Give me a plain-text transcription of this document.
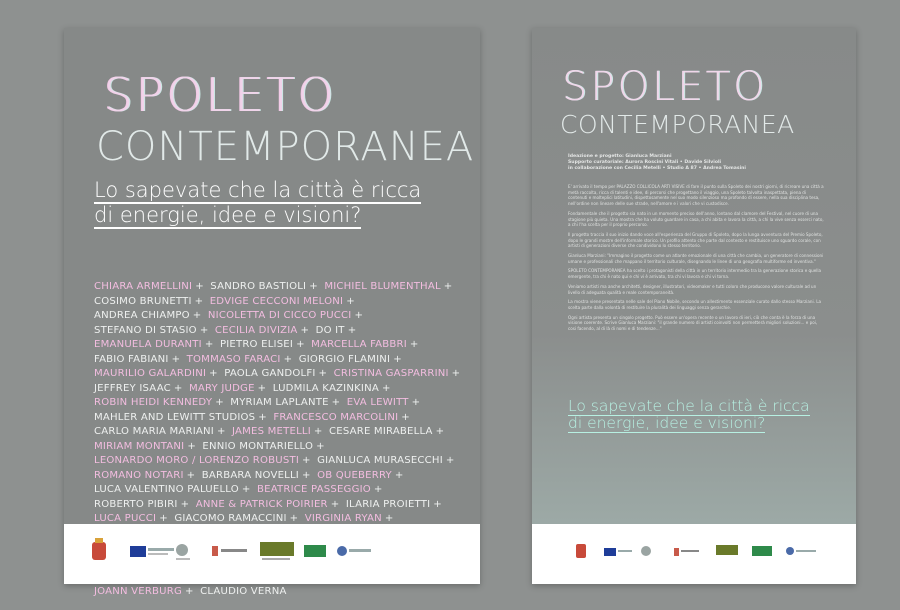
SPOLETO
CONTEMPORANEA
Lo sapevate che la città è ricca di energie, idee e visioni?
CHIARA ARMELLINI + SANDRO BASTIOLI + MICHIEL BLUMENTHAL + COSIMO BRUNETTI + EDVIGE CECCONI MELONI + ANDREA CHIAMPO + NICOLETTA DI CICCO PUCCI + STEFANO DI STASIO + CECILIA DIVIZIA + DO IT + EMANUELA DURANTI + PIETRO ELISEI + MARCELLA FABBRI + FABIO FABIANI + TOMMASO FARACI + GIORGIO FLAMINI + MAURILIO GALARDINI + PAOLA GANDOLFI + CRISTINA GASPARRINI + JEFFREY ISAAC + MARY JUDGE + LUDMILA KAZINKINA + ROBIN HEIDI KENNEDY + MYRIAM LAPLANTE + EVA LEWITT + MAHLER AND LEWITT STUDIOS + FRANCESCO MARCOLINI + CARLO MARIA MARIANI + JAMES METELLI + CESARE MIRABELLA + MIRIAM MONTANI + ENNIO MONTARIELLO + LEONARDO MORO / LORENZO ROBUSTI + GIANLUCA MURASECCHI + ROMANO NOTARI + BARBARA NOVELLI + OB QUEBERRY + LUCA VALENTINO PALUELLO + BEATRICE PASSEGGIO + ROBERTO PIBIRI + ANNE & PATRICK POIRIER + ILARIA PROIETTI + LUCA PUCCI + GIACOMO RAMACCINI + VIRGINIA RYAN + JOANN VERBURG + CLAUDIO VERNA
SPOLETO
CONTEMPORANEA
Ideazione e progetto: Gianluca Marziani
Supporto curatoriale: Aurora Roscini Vitali • Davide Silvioli
in collaborazione con Cecilia Metelli • Studio A 87 • Andrea Tomasini

E' arrivato il tempo per PALAZZO COLLICOLA ARTI VISIVE di fare il punto sulla Spoleto dei nostri giorni, di ricreare una città a metà raccolta, ricca di talenti e idee, di percorsi che progettano il viaggio, una Spoleto talvolta inaspettata, piena di contenuti e molteplici latitudini, dispettosamente nel suo modo silenzioso ma profondo di essere, nella sua disciplina tesa, nell'ordine non lineare delle sue strade, nell'amore e i valori che vi custodisce.

Fondamentale che il progetto sia nato in un momento preciso dell'anno, lontano dal clamore del Festival, nel cuore di una stagione più quieta. Una mostra che ha voluto guardare in casa, a chi abita e lavora la città, a chi la vive senza esserci nato, a chi l'ha scelta per il proprio percorso.

Il progetto traccia il suo inizio dando voce all'esperienza del Gruppo di Spoleto, dopo la lunga avventura del Premio Spoleto, dopo le grandi mostre dell'informale storico. Un profilo attento che parte dal contesto e restituisce uno sguardo corale, con artisti di generazioni diverse che condividono lo stesso territorio.

Gianluca Marziani: "Immagino il progetto come un atlante emozionale di una città che cambia, un generatore di connessioni umane e professionali che mappano il territorio culturale, disegnando le linee di una geografia multiforme ed inventiva."

SPOLETO CONTEMPORANEA ha scelto i protagonisti della città in un territorio intermedio tra la generazione storica e quella emergente, tra chi è nato qui e chi vi è arrivato, tra chi vi lavora e chi vi torna.

Veniamo artisti ma anche architetti, designer, illustratori, videomaker e tutti coloro che producono valore culturale ad un livello di adeguata qualità e reale contemporaneità.

La mostra viene presentata nelle sale del Piano Nobile, secondo un allestimento essenziale curato dallo stesso Marziani. La scelta parte dalla volontà di restituire la pluralità dei linguaggi senza gerarchie.

Ogni artista presenta un singolo progetto. Può essere un'opera recente o un lavoro di ieri, ciò che conta è la forza di una visione coerente. Scrive Gianluca Marziani: "il grande numero di artisti coinvolti non permetterà migliori soluzioni... e poi, cosi facendo, al di là di nomi e di tendenze..."

Lo sapevate che la città è ricca di energie, idee e visioni?
